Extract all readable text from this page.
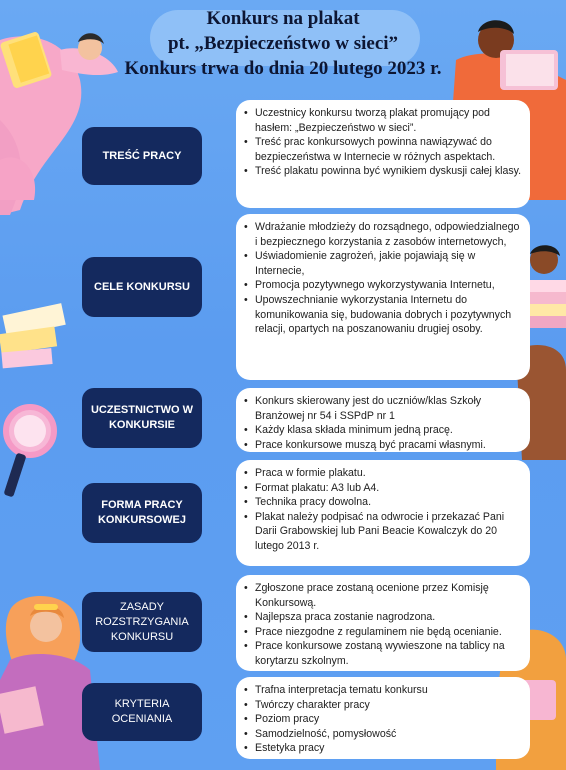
Konkurs na plakat
pt. „Bezpieczeństwo w sieci”
Konkurs trwa do dnia 20 lutego 2023 r.
TREŚĆ PRACY
• Uczestnicy konkursu tworzą plakat promujący pod hasłem: „Bezpieczeństwo w sieci”.
• Treść prac konkursowych powinna nawiązywać do bezpieczeństwa w Internecie w różnych aspektach.
• Treść plakatu powinna być wynikiem dyskusji całej klasy.
CELE KONKURSU
• Wdrażanie młodzieży do rozsądnego, odpowiedzialnego i bezpiecznego korzystania z zasobów internetowych,
• Uświadomienie zagrożeń, jakie pojawiają się w Internecie,
• Promocja pozytywnego wykorzystywania Internetu,
• Upowszechnianie wykorzystania Internetu do komunikowania się, budowania dobrych i pozytywnych relacji, opartych na poszanowaniu drugiej osoby.
UCZESTNICTWO W KONKURSIE
• Konkurs skierowany jest do uczniów/klas Szkoły Branżowej nr 54 i SSPdP nr 1
• Każdy klasa składa minimum jedną pracę.
• Prace konkursowe muszą być pracami własnymi.
FORMA PRACY KONKURSOWEJ
• Praca w formie plakatu.
• Format plakatu: A3 lub A4.
• Technika pracy dowolna.
• Plakat należy podpisać na odwrocie i przekazać Pani Darii Grabowskiej lub Pani Beacie Kowalczyk do 20 lutego 2013 r.
ZASADY ROZSTRZYGANIA KONKURSU
• Zgłoszone prace zostaną ocenione przez Komisję Konkursową.
• Najlepsza praca zostanie nagrodzona.
• Prace niezgodne z regulaminem nie będą ocenianie.
• Prace konkursowe zostaną wywieszone na tablicy na korytarzu szkolnym.
KRYTERIA OCENIANIA
• Trafna interpretacja tematu konkursu
• Twórczy charakter pracy
• Poziom pracy
• Samodzielność, pomysłowość
• Estetyka pracy
